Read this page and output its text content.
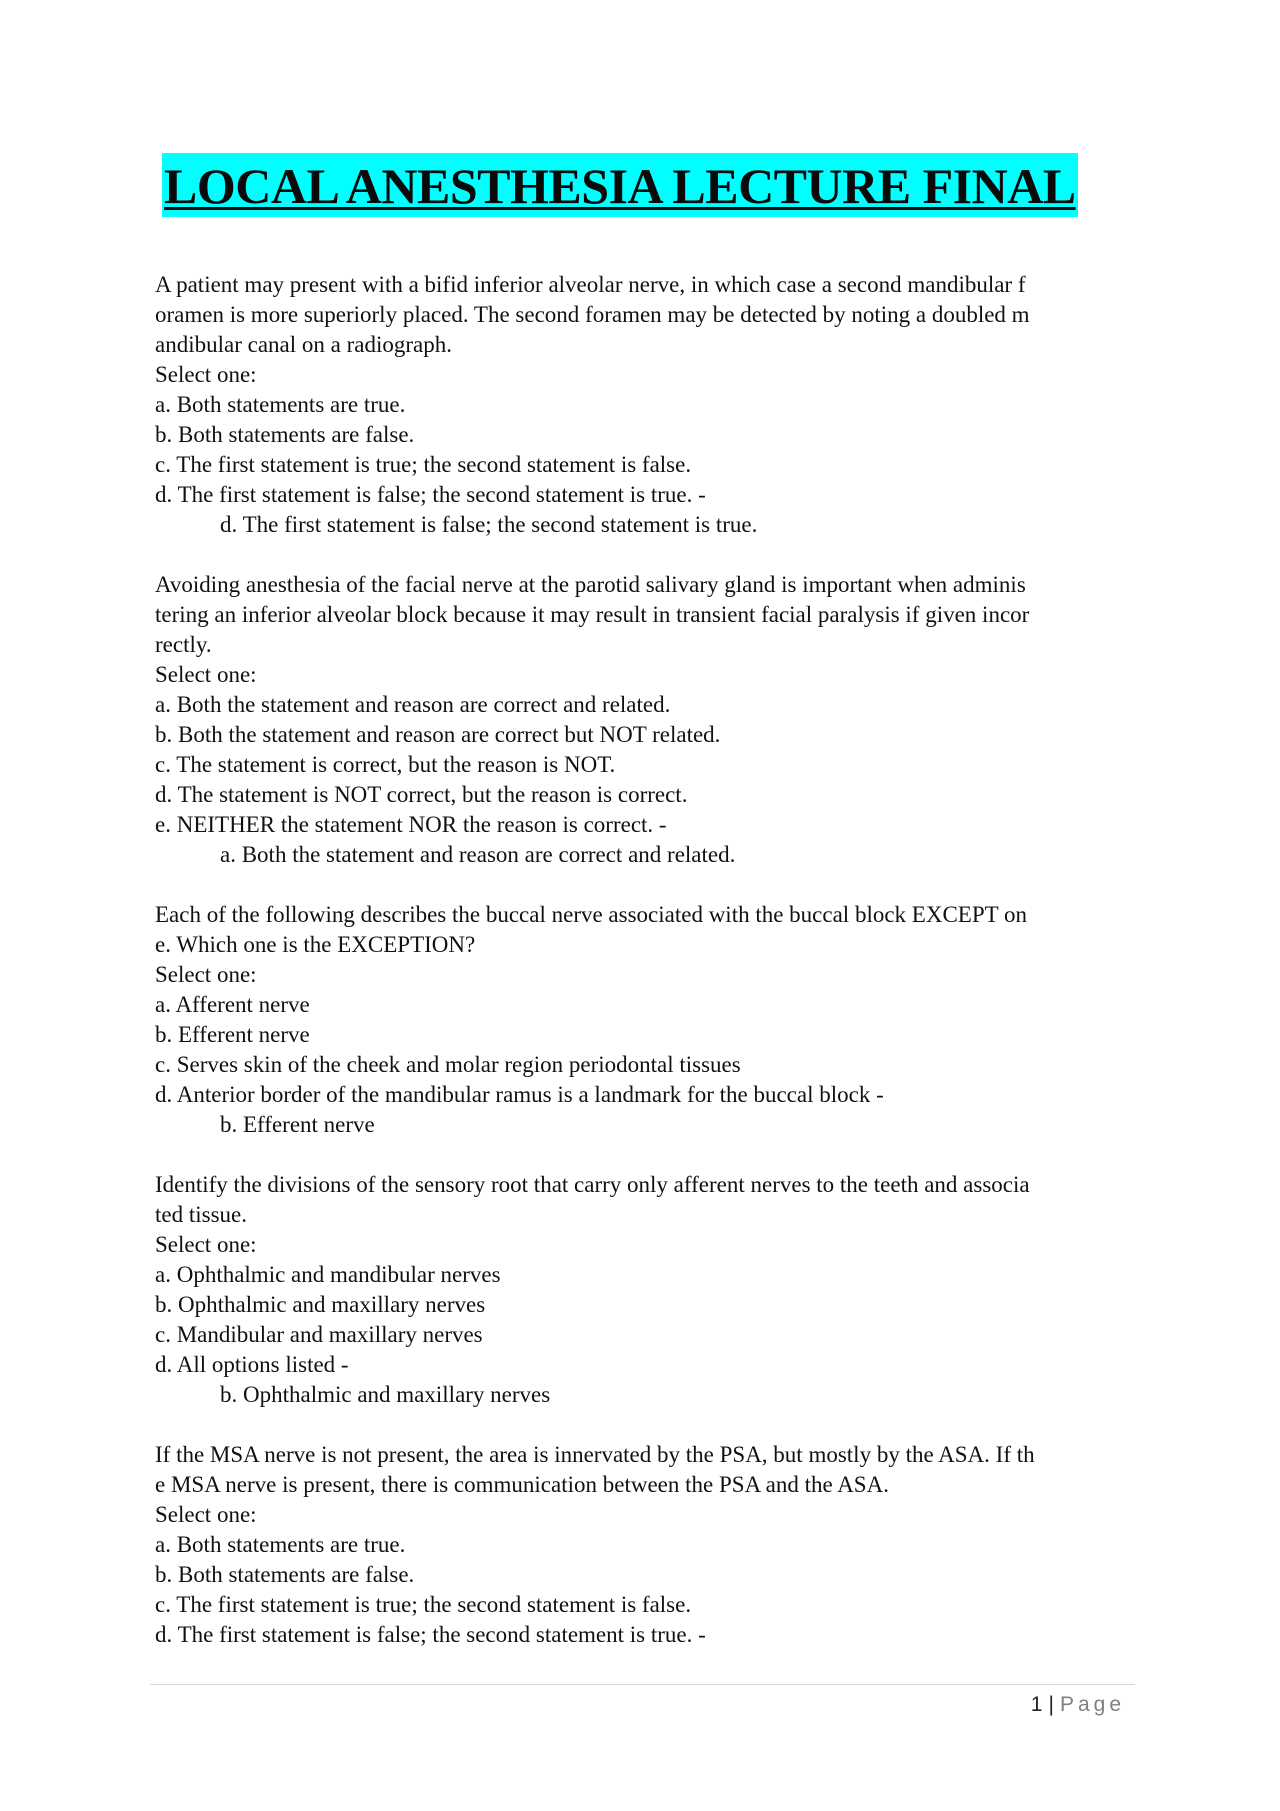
LOCAL ANESTHESIA LECTURE FINAL
A patient may present with a bifid inferior alveolar nerve, in which case a second mandibular f
oramen is more superiorly placed. The second foramen may be detected by noting a doubled m
andibular canal on a radiograph.
Select one:
a. Both statements are true.
b. Both statements are false.
c. The first statement is true; the second statement is false.
d. The first statement is false; the second statement is true. -
d. The first statement is false; the second statement is true.
Avoiding anesthesia of the facial nerve at the parotid salivary gland is important when adminis
tering an inferior alveolar block because it may result in transient facial paralysis if given incor
rectly.
Select one:
a. Both the statement and reason are correct and related.
b. Both the statement and reason are correct but NOT related.
c. The statement is correct, but the reason is NOT.
d. The statement is NOT correct, but the reason is correct.
e. NEITHER the statement NOR the reason is correct. -
a. Both the statement and reason are correct and related.
Each of the following describes the buccal nerve associated with the buccal block EXCEPT on
e. Which one is the EXCEPTION?
Select one:
a. Afferent nerve
b. Efferent nerve
c. Serves skin of the cheek and molar region periodontal tissues
d. Anterior border of the mandibular ramus is a landmark for the buccal block -
b. Efferent nerve
Identify the divisions of the sensory root that carry only afferent nerves to the teeth and associa
ted tissue.
Select one:
a. Ophthalmic and mandibular nerves
b. Ophthalmic and maxillary nerves
c. Mandibular and maxillary nerves
d. All options listed -
b. Ophthalmic and maxillary nerves
If the MSA nerve is not present, the area is innervated by the PSA, but mostly by the ASA. If th
e MSA nerve is present, there is communication between the PSA and the ASA.
Select one:
a. Both statements are true.
b. Both statements are false.
c. The first statement is true; the second statement is false.
d. The first statement is false; the second statement is true. -
1 | Page
